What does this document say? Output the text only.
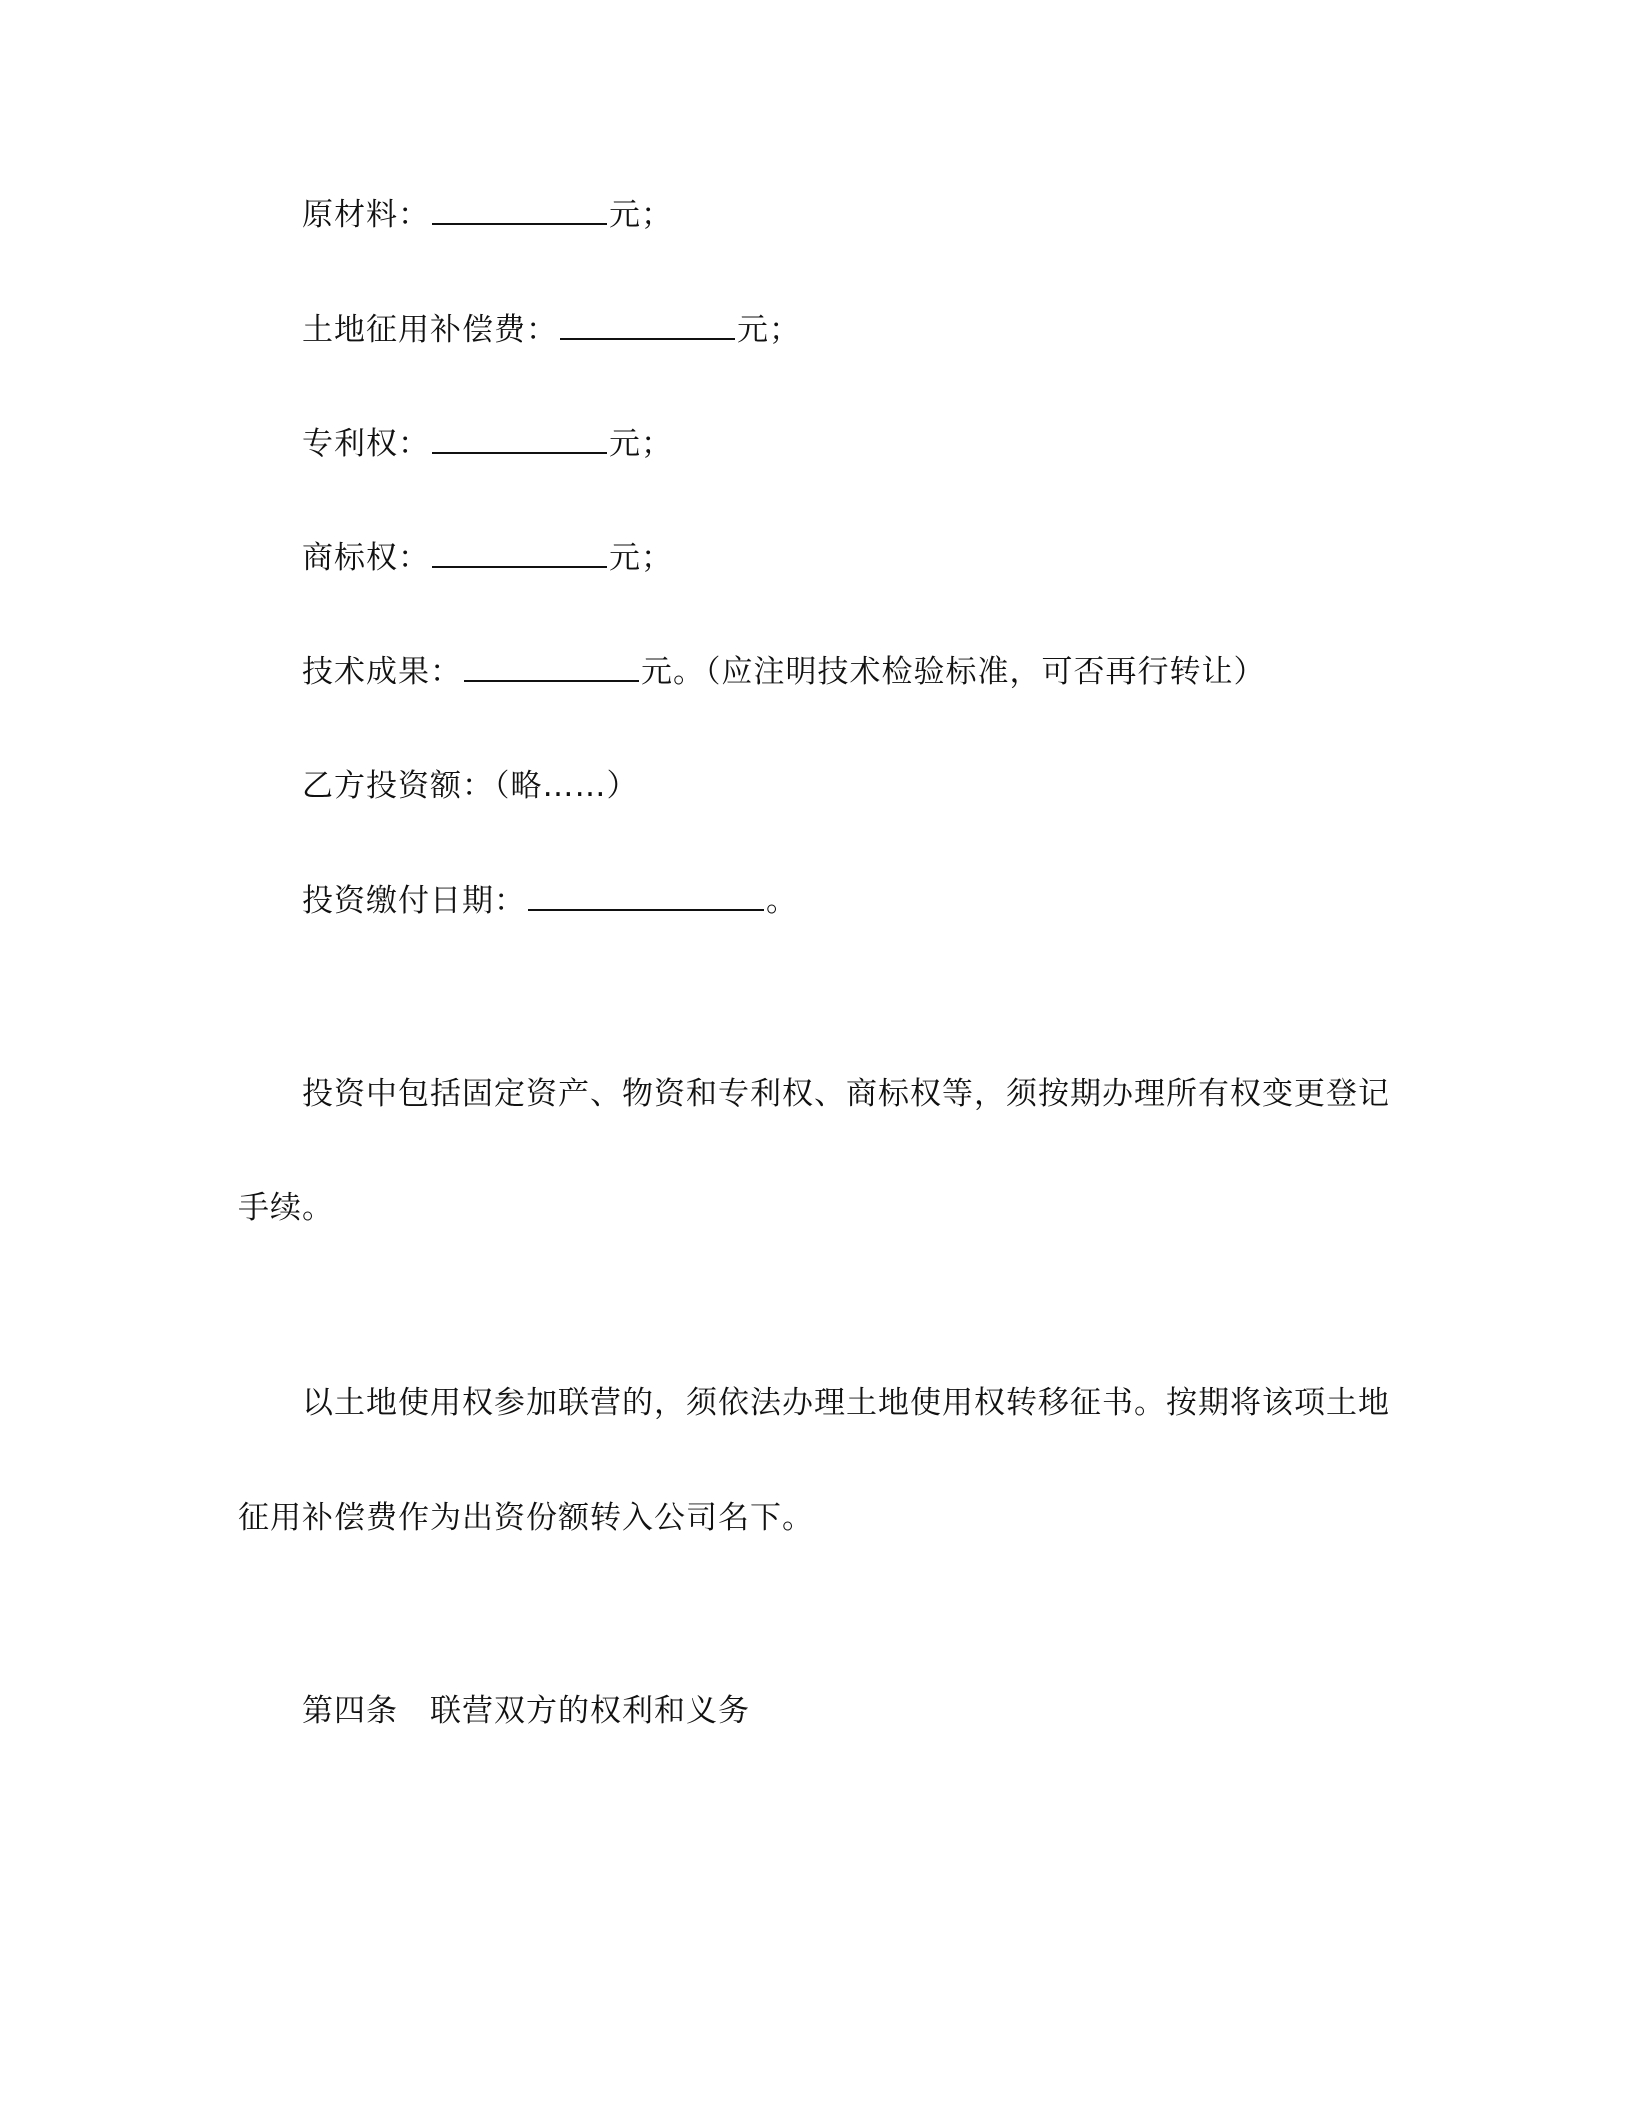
原材料：	元；
土地征用补偿费：	元；
专利权：	元；
商标权：	元；
技术成果：	元。（应注明技术检验标准，可否再行转让）
乙方投资额：（略……）
投资缴付日期：	。
投资中包括固定资产、物资和专利权、商标权等，须按期办理所有权变更登记
手续。
以土地使用权参加联营的，须依法办理土地使用权转移征书。按期将该项土地
征用补偿费作为出资份额转入公司名下。
第四条 联营双方的权利和义务
